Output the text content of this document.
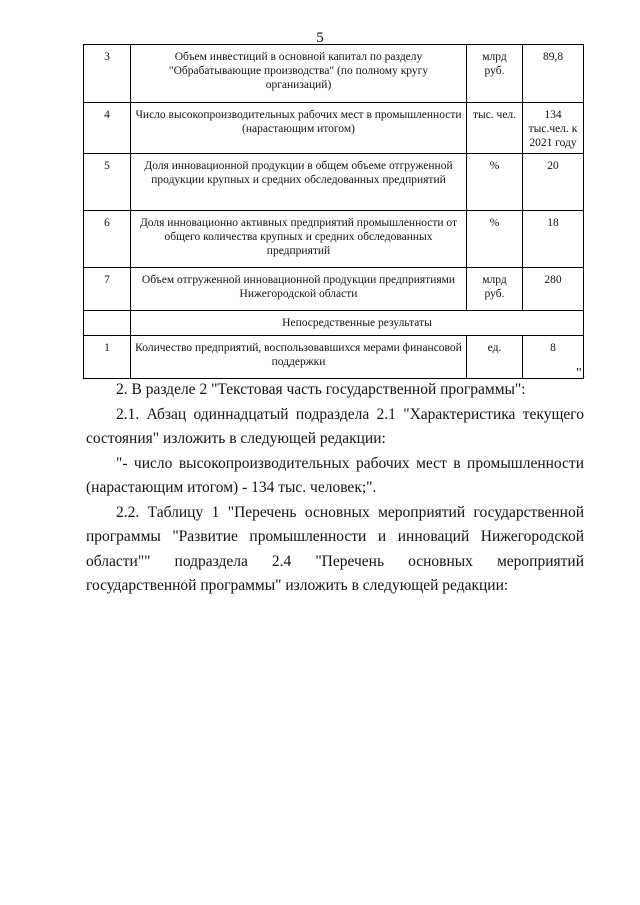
5
3	Объем инвестиций в основной капитал по разделу "Обрабатывающие производства" (по полному кругу организаций)	млрд руб.	89,8
4	Число высокопроизводительных рабочих мест в промышленности (нарастающим итогом)	тыс. чел.	134 тыс.чел. к 2021 году
5	Доля инновационной продукции в общем объеме отгруженной продукции крупных и средних обследованных предприятий	%	20
6	Доля инновационно активных предприятий промышленности от общего количества крупных и средних обследованных предприятий	%	18
7	Объем отгруженной инновационной продукции предприятиями Нижегородской области	млрд руб.	280
	Непосредственные результаты		
1	Количество предприятий, воспользовавшихся мерами финансовой поддержки	ед.	8
".

2. В разделе 2 "Текстовая часть государственной программы":

2.1. Абзац одиннадцатый подраздела 2.1 "Характеристика текущего состояния" изложить в следующей редакции:

"- число высокопроизводительных рабочих мест в промышленности (нарастающим итогом) - 134 тыс. человек;".

2.2. Таблицу 1 "Перечень основных мероприятий государственной программы "Развитие промышленности и инноваций Нижегородской области"" подраздела 2.4 "Перечень основных мероприятий государственной программы" изложить в следующей редакции:
